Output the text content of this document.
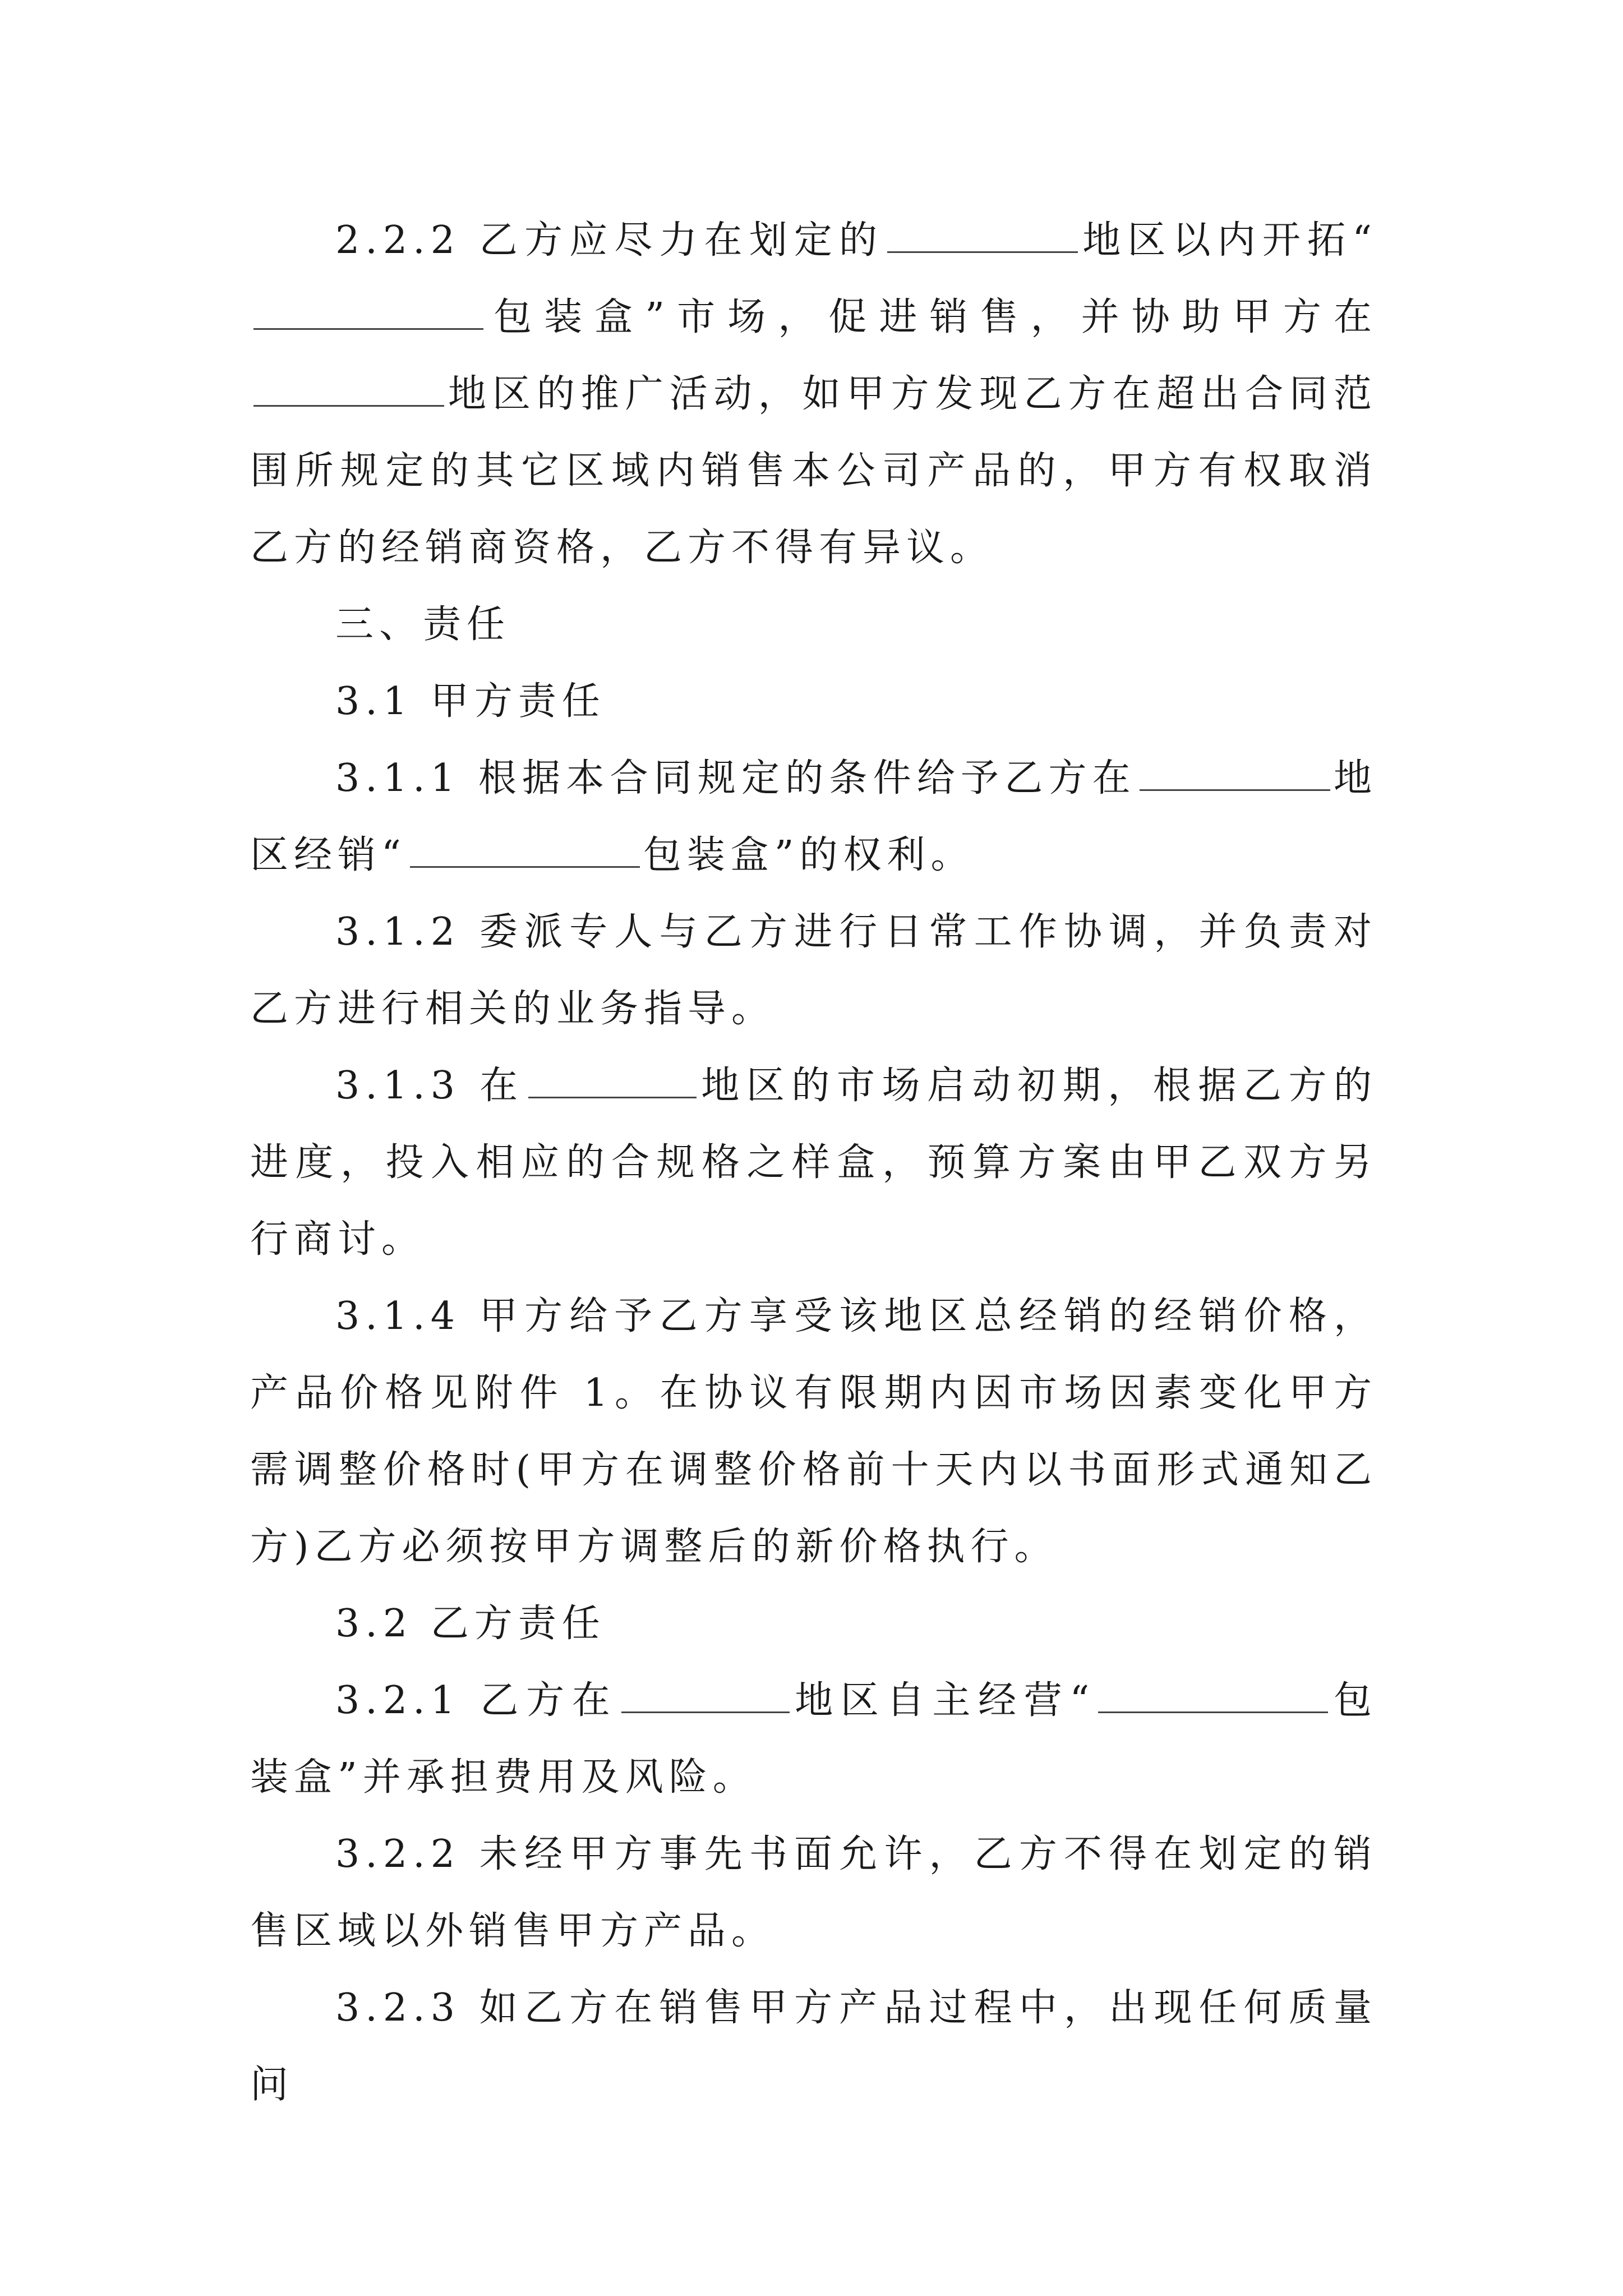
2.2.2 乙方应尽力在划定的	地区以内开拓“包装盒”市场，促进销售，并协助甲方在地区的推广活动，如甲方发现乙方在超出合同范围所规定的其它区域内销售本公司产品的，甲方有权取消乙方的经销商资格，乙方不得有异议。

三、责任

3.1 甲方责任

3.1.1 根据本合同规定的条件给予乙方在	地区经销“	包装盒”的权利。

3.1.2 委派专人与乙方进行日常工作协调，并负责对乙方进行相关的业务指导。

3.1.3 在	地区的市场启动初期，根据乙方的进度，投入相应的合规格之样盒，预算方案由甲乙双方另行商讨。

3.1.4 甲方给予乙方享受该地区总经销的经销价格，产品价格见附件 1。在协议有限期内因市场因素变化甲方需调整价格时(甲方在调整价格前十天内以书面形式通知乙方)乙方必须按甲方调整后的新价格执行。

3.2 乙方责任

3.2.1 乙方在	地区自主经营“	包装盒”并承担费用及风险。

3.2.2 未经甲方事先书面允许，乙方不得在划定的销售区域以外销售甲方产品。

3.2.3 如乙方在销售甲方产品过程中，出现任何质量问
